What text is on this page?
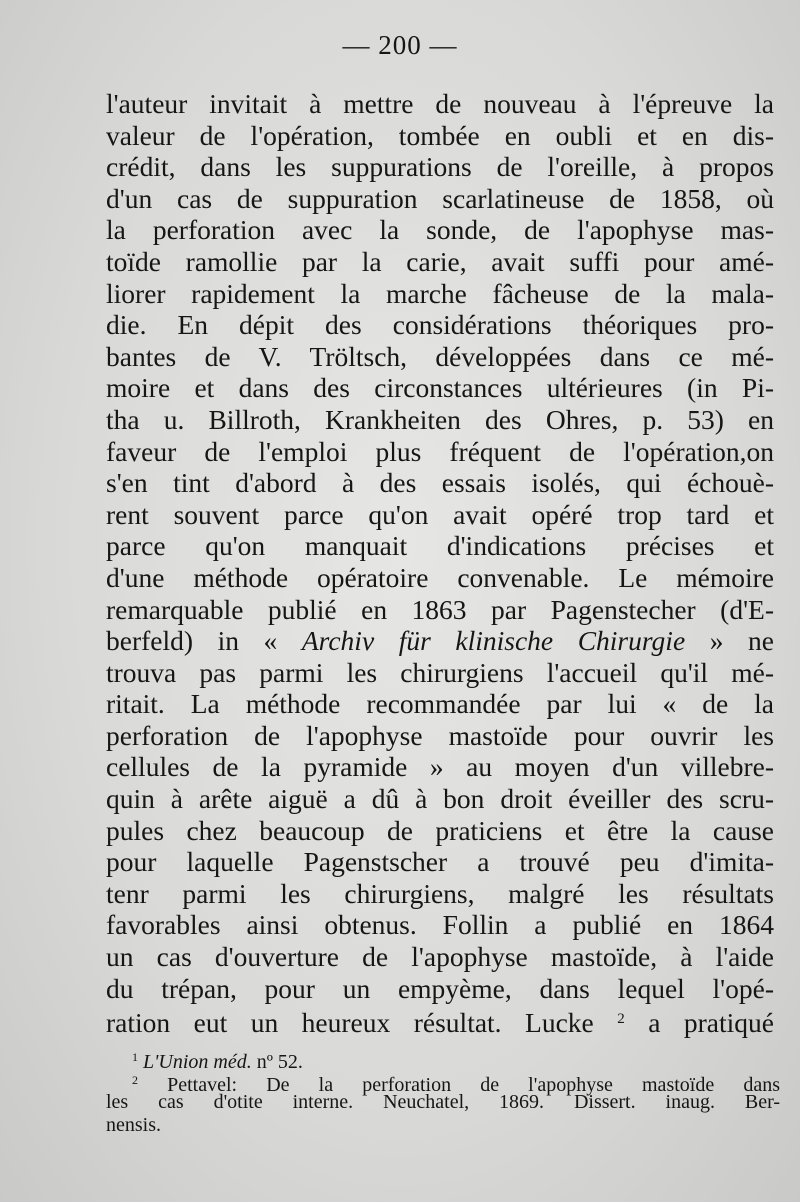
— 200 —
l'auteur invitait à mettre de nouveau à l'épreuve la
valeur de l'opération, tombée en oubli et en dis-
crédit, dans les suppurations de l'oreille, à propos
d'un cas de suppuration scarlatineuse de 1858, où
la perforation avec la sonde, de l'apophyse mas-
toïde ramollie par la carie, avait suffi pour amé-
liorer rapidement la marche fâcheuse de la mala-
die. En dépit des considérations théoriques pro-
bantes de V. Tröltsch, développées dans ce mé-
moire et dans des circonstances ultérieures (in Pi-
tha u. Billroth, Krankheiten des Ohres, p. 53) en
faveur de l'emploi plus fréquent de l'opération,on
s'en tint d'abord à des essais isolés, qui échouè-
rent souvent parce qu'on avait opéré trop tard et
parce qu'on manquait d'indications précises et
d'une méthode opératoire convenable. Le mémoire
remarquable publié en 1863 par Pagenstecher (d'E-
berfeld) in « Archiv für klinische Chirurgie » ne
trouva pas parmi les chirurgiens l'accueil qu'il mé-
ritait. La méthode recommandée par lui « de la
perforation de l'apophyse mastoïde pour ouvrir les
cellules de la pyramide » au moyen d'un villebre-
quin à arête aiguë a dû à bon droit éveiller des scru-
pules chez beaucoup de praticiens et être la cause
pour laquelle Pagenstscher a trouvé peu d'imita-
tenr parmi les chirurgiens, malgré les résultats
favorables ainsi obtenus. Follin a publié en 1864
un cas d'ouverture de l'apophyse mastoïde, à l'aide
du trépan, pour un empyème, dans lequel l'opé-
ration eut un heureux résultat. Lucke $^2$ a pratiqué
$^1$ L'Union méd. nº 52.
$^2$ Pettavel: De la perforation de l'apophyse mastoïde dans
les cas d'otite interne. Neuchatel, 1869. Dissert. inaug. Ber-
nensis.
